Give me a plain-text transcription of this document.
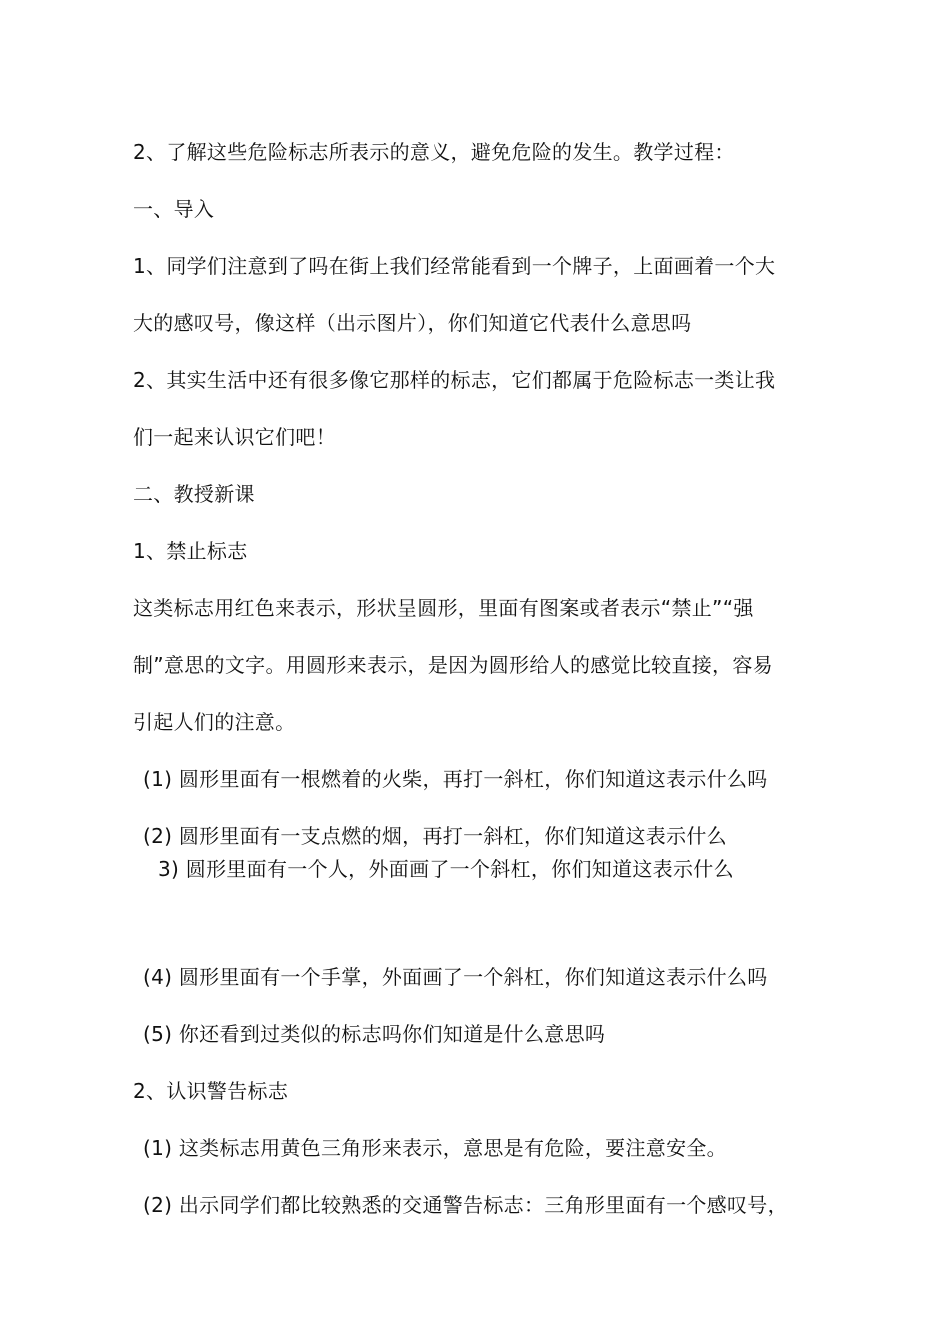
2、了解这些危险标志所表示的意义，避免危险的发生。教学过程：
一、导入
1、同学们注意到了吗在街上我们经常能看到一个牌子，上面画着一个大
大的感叹号，像这样（出示图片），你们知道它代表什么意思吗
2、其实生活中还有很多像它那样的标志，它们都属于危险标志一类让我
们一起来认识它们吧！
二、教授新课
1、禁止标志
这类标志用红色来表示，形状呈圆形，里面有图案或者表示“禁止”“强
制”意思的文字。用圆形来表示，是因为圆形给人的感觉比较直接，容易
引起人们的注意。
(1) 圆形里面有一根燃着的火柴，再打一斜杠，你们知道这表示什么吗
(2) 圆形里面有一支点燃的烟，再打一斜杠，你们知道这表示什么
3) 圆形里面有一个人，外面画了一个斜杠，你们知道这表示什么
(4) 圆形里面有一个手掌，外面画了一个斜杠，你们知道这表示什么吗
(5) 你还看到过类似的标志吗你们知道是什么意思吗
2、认识警告标志
(1) 这类标志用黄色三角形来表示，意思是有危险，要注意安全。
(2) 出示同学们都比较熟悉的交通警告标志：三角形里面有一个感叹号，
